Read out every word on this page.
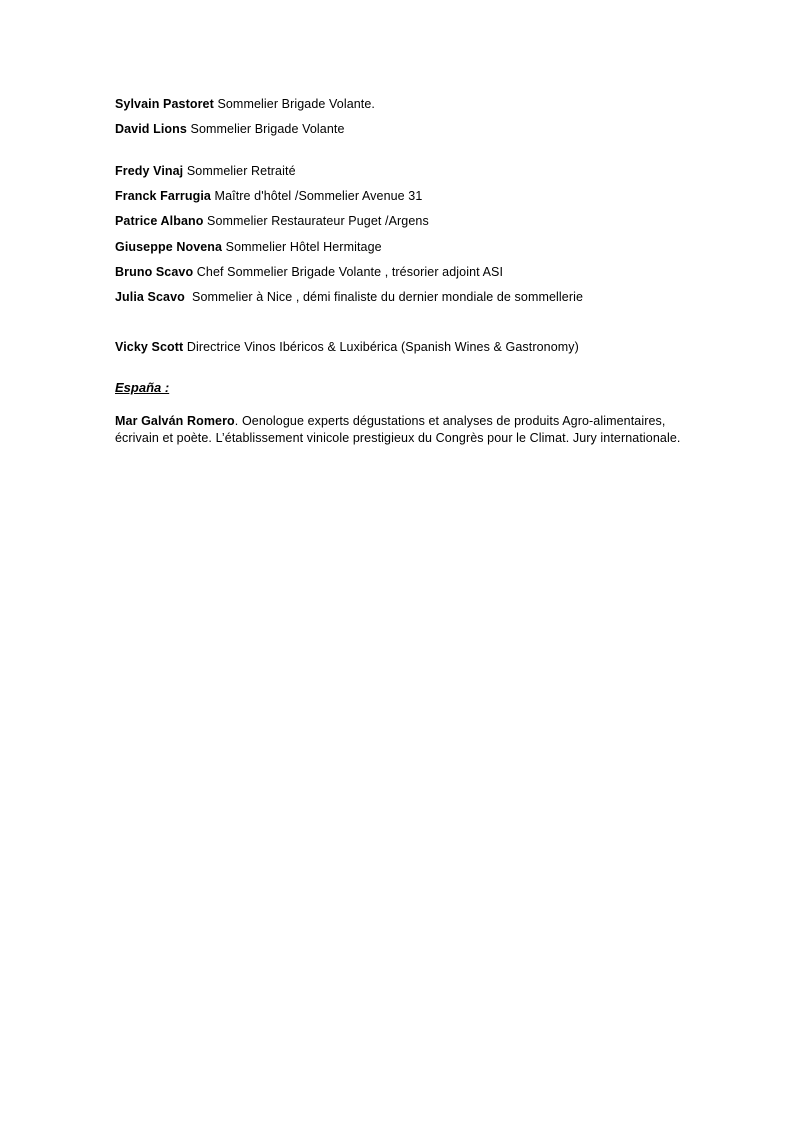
Sylvain Pastoret Sommelier Brigade Volante.
David Lions Sommelier Brigade Volante
Fredy Vinaj Sommelier Retraité
Franck Farrugia Maître d'hôtel /Sommelier Avenue 31
Patrice Albano Sommelier Restaurateur Puget /Argens
Giuseppe Novena Sommelier Hôtel Hermitage
Bruno Scavo Chef Sommelier Brigade Volante , trésorier adjoint ASI
Julia Scavo  Sommelier à Nice , démi finaliste du dernier mondiale de sommellerie
Vicky Scott Directrice Vinos Ibéricos & Luxibérica (Spanish Wines & Gastronomy)
España :
Mar Galván Romero. Oenologue experts dégustations et analyses de produits Agro-alimentaires, écrivain et poète. L’établissement vinicole prestigieux du Congrès pour le Climat. Jury internationale.
